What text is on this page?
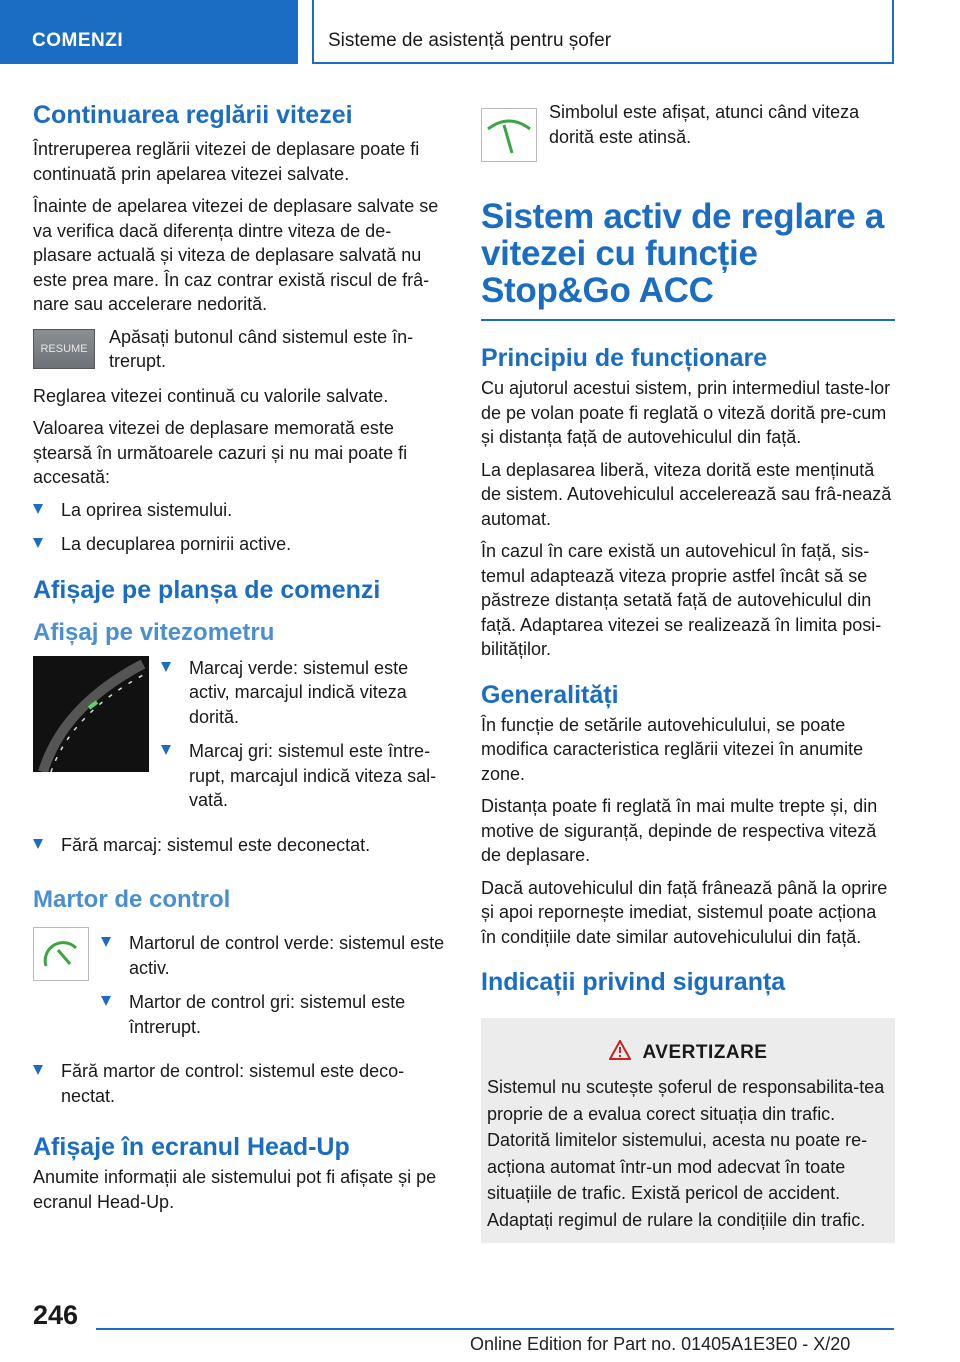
COMENZI	Sisteme de asistență pentru șofer
Continuarea reglării vitezei

Întreruperea reglării vitezei de deplasare poate fi continuată prin apelarea vitezei salvate.

Înainte de apelarea vitezei de deplasare salvate se va verifica dacă diferența dintre viteza de de-plasare actuală și viteza de deplasare salvată nu este prea mare. În caz contrar există riscul de frâ-nare sau accelerare nedorită.

RESUME
Apăsați butonul când sistemul este în-trerupt.

Reglarea vitezei continuă cu valorile salvate.

Valoarea vitezei de deplasare memorată este ștearsă în următoarele cazuri și nu mai poate fi accesată:

La oprirea sistemului.
La decuplarea pornirii active.
Afișaje pe planșa de comenzi
Afișaj pe vitezometru
Marcaj verde: sistemul este activ, marcajul indică viteza dorită.
Marcaj gri: sistemul este între-rupt, marcajul indică viteza sal-vată.
Fără marcaj: sistemul este deconectat.
Martor de control
Martorul de control verde: sistemul este activ.
Martor de control gri: sistemul este întrerupt.
Fără martor de control: sistemul este deco-nectat.
Afișaje în ecranul Head-Up

Anumite informații ale sistemului pot fi afișate și pe ecranul Head-Up.

Simbolul este afișat, atunci când viteza dorită este atinsă.
Sistem activ de reglare a vitezei cu funcție Stop&Go ACC
Principiu de funcționare

Cu ajutorul acestui sistem, prin intermediul taste-lor de pe volan poate fi reglată o viteză dorită pre-cum și distanța față de autovehiculul din față.

La deplasarea liberă, viteza dorită este menținută de sistem. Autovehiculul accelerează sau frâ-nează automat.

În cazul în care există un autovehicul în față, sis-temul adaptează viteza proprie astfel încât să se păstreze distanța setată față de autovehiculul din față. Adaptarea vitezei se realizează în limita posi-bilităților.

Generalități

În funcție de setările autovehiculului, se poate modifica caracteristica reglării vitezei în anumite zone.

Distanța poate fi reglată în mai multe trepte și, din motive de siguranță, depinde de respectiva viteză de deplasare.

Dacă autovehiculul din față frânează până la oprire și apoi repornește imediat, sistemul poate acționa în condițiile date similar autovehiculului din față.

Indicații privind siguranța
AVERTIZARE

Sistemul nu scutește șoferul de responsabilita-tea proprie de a evalua corect situația din trafic. Datorită limitelor sistemului, acesta nu poate re-acționa automat într-un mod adecvat în toate situațiile de trafic. Există pericol de accident. Adaptați regimul de rulare la condițiile din trafic.

246
Online Edition for Part no. 01405A1E3E0 - X/20
